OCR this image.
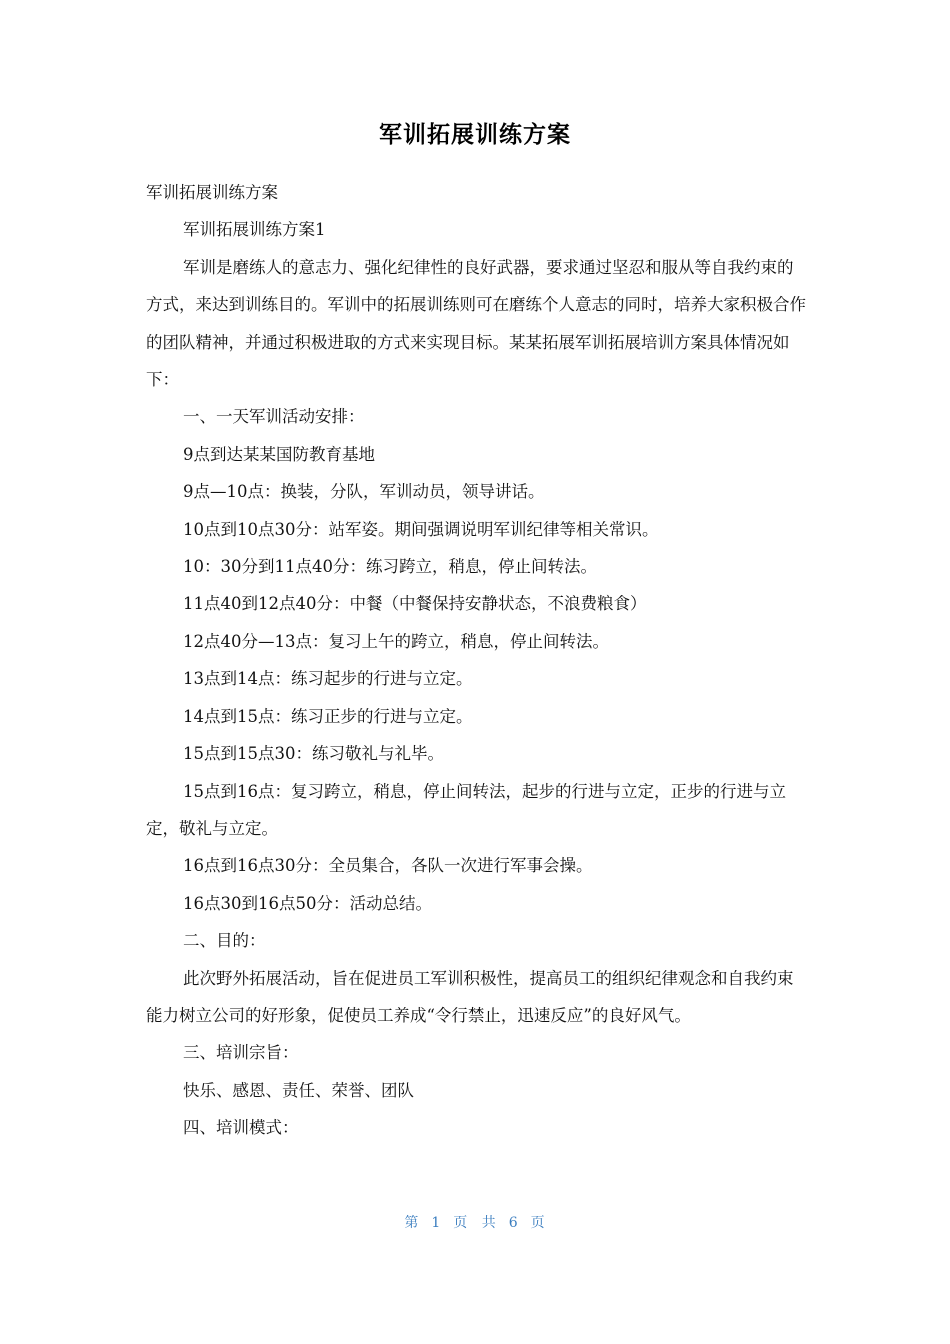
军训拓展训练方案

军训拓展训练方案

军训拓展训练方案1

军训是磨练人的意志力、强化纪律性的良好武器，要求通过坚忍和服从等自我约束的方式，来达到训练目的。军训中的拓展训练则可在磨练个人意志的同时，培养大家积极合作的团队精神，并通过积极进取的方式来实现目标。某某拓展军训拓展培训方案具体情况如下：

一、一天军训活动安排：

9点到达某某国防教育基地

9点—10点：换装，分队，军训动员，领导讲话。

10点到10点30分：站军姿。期间强调说明军训纪律等相关常识。

10：30分到11点40分：练习跨立，稍息，停止间转法。

11点40到12点40分：中餐（中餐保持安静状态，不浪费粮食）

12点40分—13点：复习上午的跨立，稍息，停止间转法。

13点到14点：练习起步的行进与立定。

14点到15点：练习正步的行进与立定。

15点到15点30：练习敬礼与礼毕。

15点到16点：复习跨立，稍息，停止间转法，起步的行进与立定，正步的行进与立定，敬礼与立定。

16点到16点30分：全员集合，各队一次进行军事会操。

16点30到16点50分：活动总结。

二、目的：

此次野外拓展活动，旨在促进员工军训积极性，提高员工的组织纪律观念和自我约束能力树立公司的好形象，促使员工养成“令行禁止，迅速反应”的良好风气。

三、培训宗旨：

快乐、感恩、责任、荣誉、团队

四、培训模式：

第 1 页 共 6 页
